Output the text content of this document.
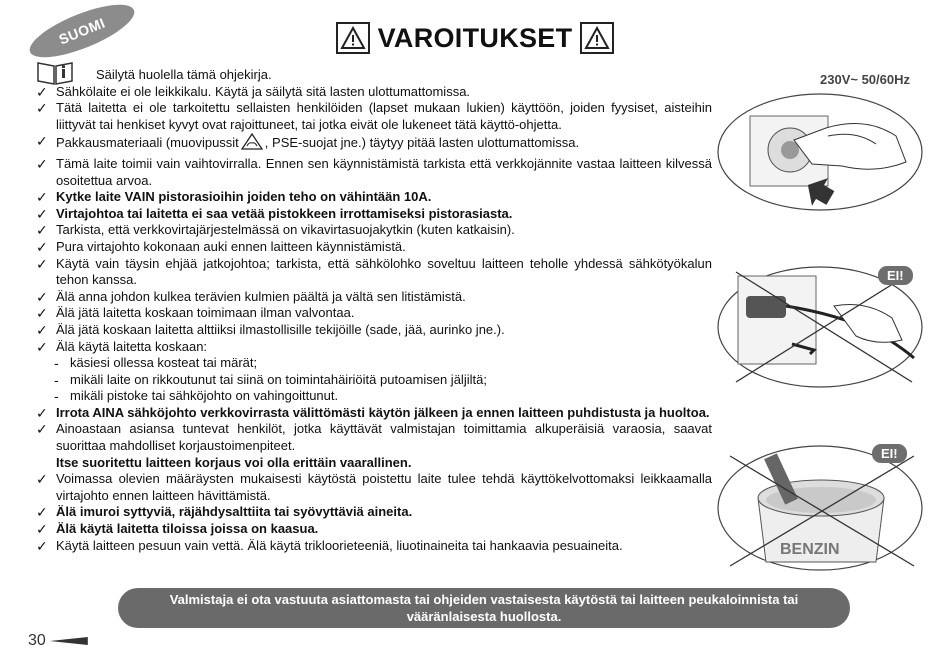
SUOMI	VAROITUKSET
Säilytä huolella tämä ohjekirja.
✓ Sähkölaite ei ole leikkikalu. Käytä ja säilytä sitä lasten ulottumattomissa.
✓ Tätä laitetta ei ole tarkoitettu sellaisten henkilöiden (lapset mukaan lukien) käyttöön, joiden fyysiset, aisteihin liittyvät tai henkiset kyvyt ovat rajoittuneet, tai jotka eivät ole lukeneet tätä käyttö-ohjetta.
✓ Pakkausmateriaali (muovipussit , PSE-suojat jne.) täytyy pitää lasten ulottumattomissa.
✓ Tämä laite toimii vain vaihtovirralla. Ennen sen käynnistämistä tarkista että verkkojännite vastaa laitteen kilvessä osoitettua arvoa.
✓ Kytke laite VAIN pistorasioihin joiden teho on vähintään 10A.
✓ Virtajohtoa tai laitetta ei saa vetää pistokkeen irrottamiseksi pistorasiasta.
✓ Tarkista, että verkkovirtajärjestelmässä on vikavirtasuojakytkin (kuten katkaisin).
✓ Pura virtajohto kokonaan auki ennen laitteen käynnistämistä.
✓ Käytä vain täysin ehjää jatkojohtoa; tarkista, että sähkölohko soveltuu laitteen teholle yhdessä sähkötyökalun tehon kanssa.
✓ Älä anna johdon kulkea terävien kulmien päältä ja vältä sen litistämistä.
✓ Älä jätä laitetta koskaan toimimaan ilman valvontaa.
✓ Älä jätä koskaan laitetta alttiiksi ilmastollisille tekijöille (sade, jää, aurinko jne.).
✓ Älä käytä laitetta koskaan:
- käsiesi ollessa kosteat tai märät;
- mikäli laite on rikkoutunut tai siinä on toimintahäiriöitä putoamisen jäljiltä;
- mikäli pistoke tai sähköjohto on vahingoittunut.
✓ Irrota AINA sähköjohto verkkovirrasta välittömästi käytön jälkeen ja ennen laitteen puhdistusta ja huoltoa.
✓ Ainoastaan asiansa tuntevat henkilöt, jotka käyttävät valmistajan toimittamia alkuperäisiä varaosia, saavat suorittaa mahdolliset korjaustoimenpiteet.
Itse suoritettu laitteen korjaus voi olla erittäin vaarallinen.
✓ Voimassa olevien määräysten mukaisesti käytöstä poistettu laite tulee tehdä käyttökelvottomaksi leikkaamalla virtajohto ennen laitteen hävittämistä.
✓ Älä imuroi syttyviä, räjähdysalttiita tai syövyttäviä aineita.
✓ Älä käytä laitetta tiloissa joissa on kaasua.
✓ Käytä laitteen pesuun vain vettä. Älä käytä trikloorieteeniä, liuotinaineita tai hankaavia pesuaineita.
230V~ 50/60Hz
EI!
BENZIN
EI!
Valmistaja ei ota vastuuta asiattomasta tai ohjeiden vastaisesta käytöstä tai laitteen peukaloinnista tai vääränlaisesta huollosta.
30
